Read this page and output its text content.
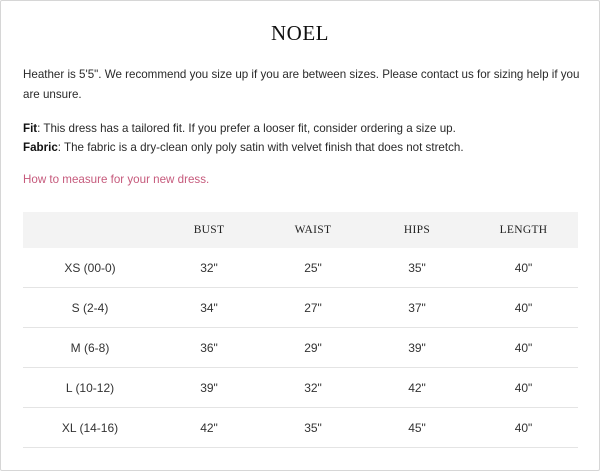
NOEL
Heather is 5'5". We recommend you size up if you are between sizes. Please contact us for sizing help if you are unsure.
Fit: This dress has a tailored fit. If you prefer a looser fit, consider ordering a size up.
Fabric: The fabric is a dry-clean only poly satin with velvet finish that does not stretch.
How to measure for your new dress.
	BUST	WAIST	HIPS	LENGTH
XS (00-0)	32"	25"	35"	40"
S (2-4)	34"	27"	37"	40"
M (6-8)	36"	29"	39"	40"
L (10-12)	39"	32"	42"	40"
XL (14-16)	42"	35"	45"	40"
